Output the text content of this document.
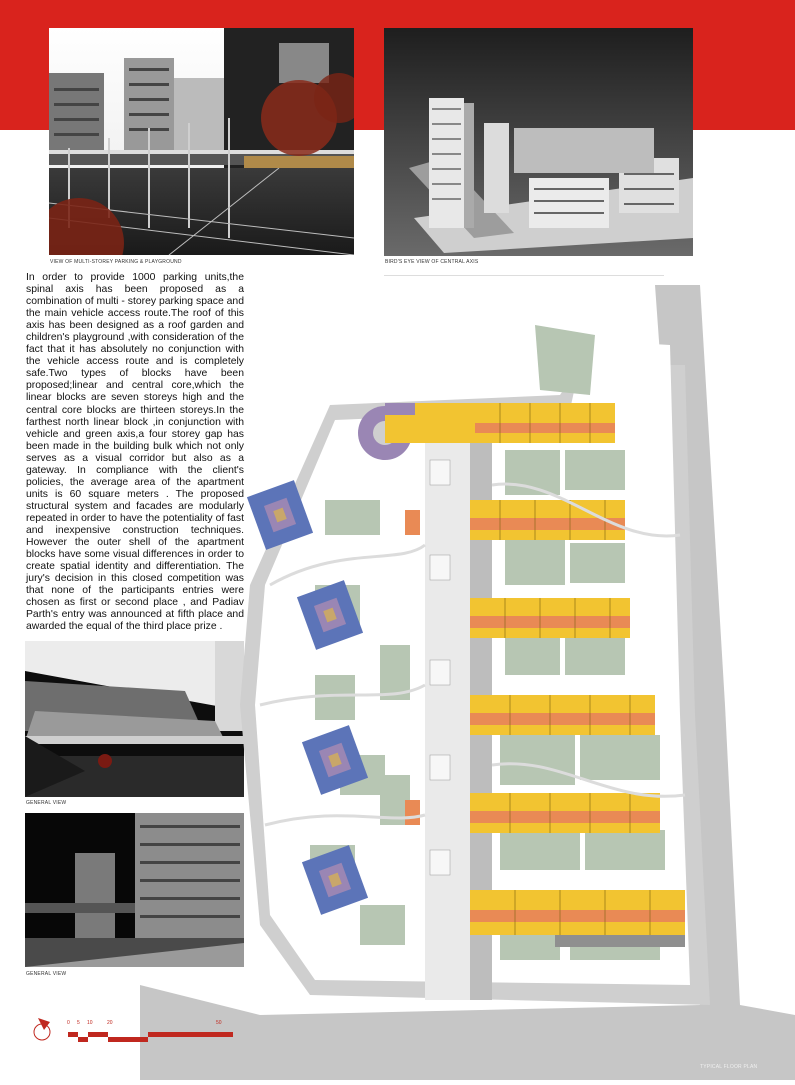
VIEW OF MULTI-STOREY PARKING & PLAYGROUND	BIRD'S EYE VIEW OF CENTRAL AXIS

In order to provide 1000 parking units,the spinal axis has been proposed as a combination of multi - storey parking space and the main vehicle access route.The roof of this axis has been designed as a roof garden and children's playground ,with consideration of the fact that it has absolutely no conjunction with the vehicle access route and is completely safe.Two types of blocks have been proposed;linear and central core,which the linear blocks are seven storeys high and the central core blocks are thirteen storeys.In the farthest north linear block ,in conjunction with vehicle and green axis,a four storey gap has been made in the building bulk which not only serves as a visual corridor but also as a gateway. In compliance with the client's policies, the average area of the apartment units is 60 square meters . The proposed structural system and facades are modularly repeated in order to have the potentiality of fast and inexpensive construction techniques. However the outer shell of the apartment blocks have some visual differences in order to create spatial identity and differentiation. The jury's decision in this closed competition was that none of the participants entries were chosen as first or second place , and Padiav Parth's entry was announced at fifth place and awarded the equal of the third place prize .

GENERAL VIEW
GENERAL VIEW
0 5 10	20	50
TYPICAL FLOOR PLAN
